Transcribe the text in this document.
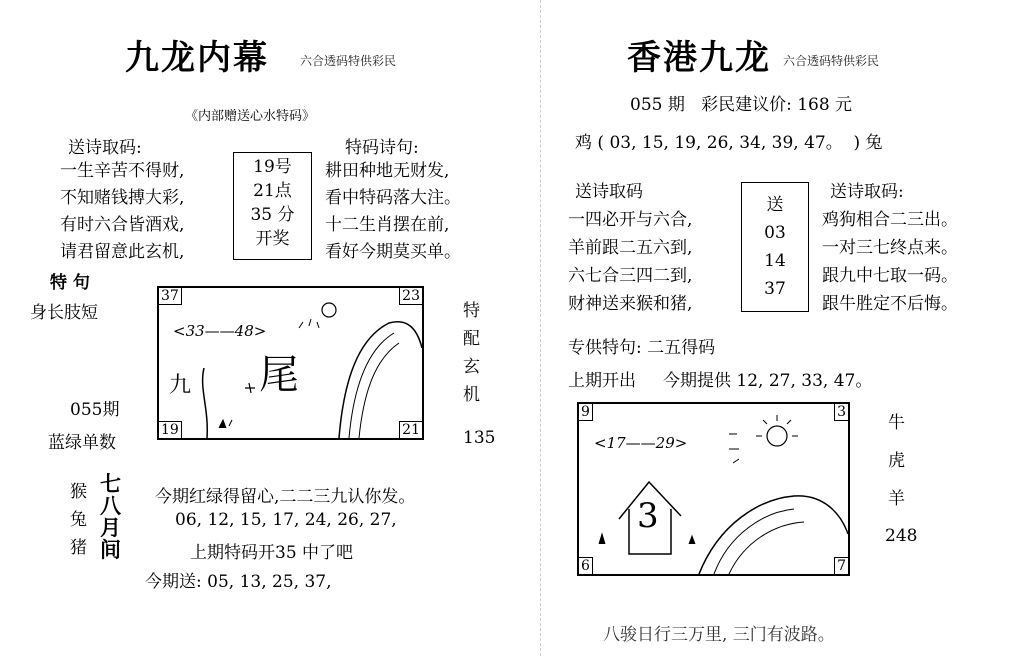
九龙内幕	六合透码特供彩民
《内部赠送心水特码》
送诗取码:	特码诗句:
一生辛苦不得财,
不知赌钱搏大彩,
有时六合皆酒戏,
请君留意此玄机,
19号
21点
35 分
开奖
耕田种地无财发,
看中特码落大注。
十二生肖摆在前,
看好今期莫买单。
特 句
身长肢短
37	23
19	21
<33——48>
九 尾
055期
蓝绿单数
特
配
玄
机
135
猴
兔
猪
七
八
月
间
今期红绿得留心,二二三九认你发。
06, 12, 15, 17, 24, 26, 27,
上期特码开35 中了吧
今期送: 05, 13, 25, 37,
香港九龙 六合透码特供彩民
055 期   彩民建议价: 168 元
鸡 ( 03, 15, 19, 26, 34, 39, 47。  ) 兔
送诗取码	送诗取码:
一四必开与六合,
羊前跟二五六到,
六七合三四二到,
财神送来猴和猪,
送
03
14
37
鸡狗相合二三出。
一对三七终点来。
跟九中七取一码。
跟牛胜定不后悔。
专供特句: 二五得码
上期开出     今期提供 12, 27, 33, 47。
9	3
6	7
<17——29>
3
牛
虎
羊
248
八骏日行三万里, 三门有波路。
